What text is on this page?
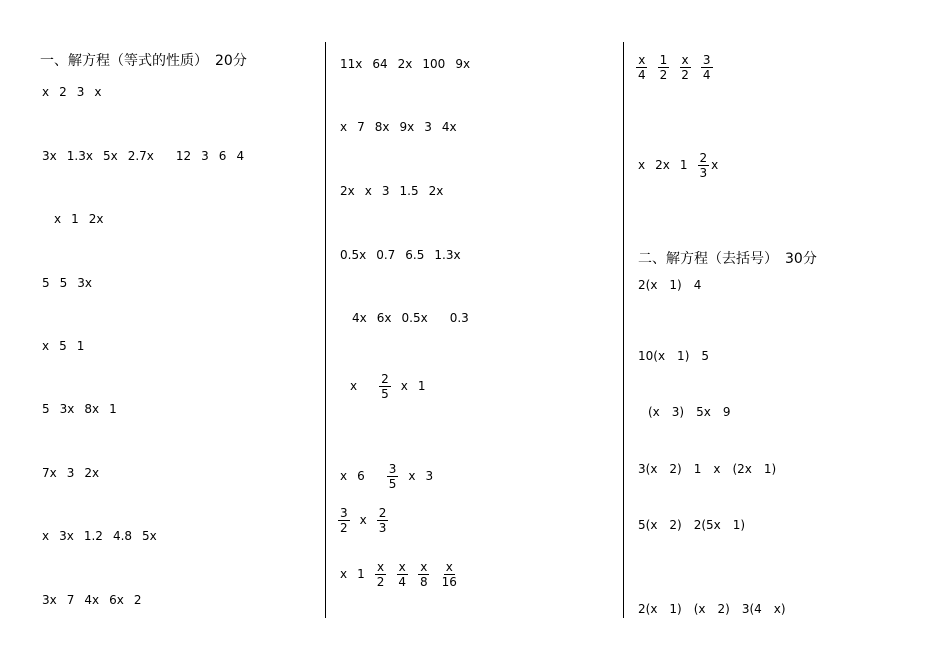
一、解方程（等式的性质）　20分
x 2 3 x
3x 1.3x 5x 2.7x 12 3 6 4
x 1 2x
5 5 3x
x 5 1
5 3x 8x 1
7x 3 2x
x 3x 1.2 4.8 5x
3x 7 4x 6x 2
11x 64 2x 100 9x
x 7 8x 9x 3 4x
2x x 3 1.5 2x
0.5x 0.7 6.5 1.3x
4x 6x 0.5x 0.3
x $\frac{2}{5}$ x 1
x $6 \frac{3}{5}$ x 3
$\frac{3}{2}$ x $\frac{2}{3}$
x $1 \frac{x}{2} \frac{x}{4} \frac{x}{8} \frac{x}{16}$
$\frac{x}{4} \frac{1}{2} \frac{x}{2} \frac{3}{4}$
x 2x $1 \frac{2}{3}$ x
二、解方程（去括号）　30分
2(x　1)　4
10(x　1)　5
(x　3)　5x　9
3(x　2)　1　x　(2x　1)
5(x　2)　2(5x　1)
2(x　1)　(x　2)　3(4　x)
